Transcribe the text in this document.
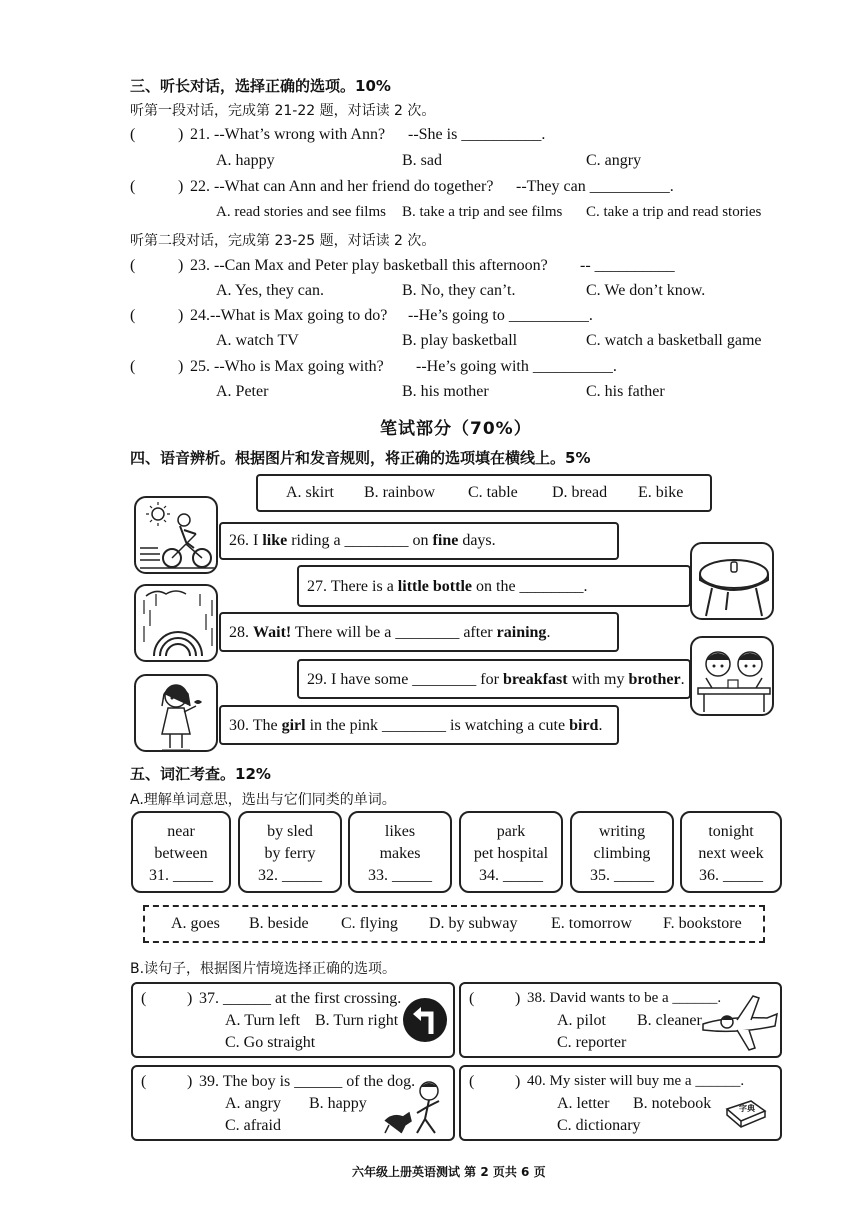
三、听长对话，选择正确的选项。10%
听第一段对话，完成第 21-22 题，对话读 2 次。
(	) 21. --What’s wrong with Ann? --She is __________.
A. happy	B. sad	C. angry
(	) 22. --What can Ann and her friend do together? --They can __________.
A. read stories and see films B. take a trip and see films C. take a trip and read stories
听第二段对话，完成第 23-25 题，对话读 2 次。
(	) 23. --Can Max and Peter play basketball this afternoon? -- __________
A. Yes, they can.	B. No, they can’t.	C. We don’t know.
(	) 24.--What is Max going to do? --He’s going to __________.
A. watch TV	B. play basketball	C. watch a basketball game
(	) 25. --Who is Max going with? --He’s going with __________.
A. Peter	B. his mother	C. his father
笔试部分（70%）
四、语音辨析。根据图片和发音规则，将正确的选项填在横线上。5%
A. skirt B. rainbow C. table D. bread E. bike
26. I like riding a ________ on fine days.
27. There is a little bottle on the ________.
28. Wait! There will be a ________ after raining.
29. I have some ________ for breakfast with my brother.
30. The girl in the pink ________ is watching a cute bird.
五、词汇考查。12%
A.理解单词意思，选出与它们同类的单词。
near
between
31. _____
by sled
by ferry
32. _____
likes
makes
33. _____
park
pet hospital
34. _____
writing
climbing
35. _____
tonight
next week
36. _____
A. goes B. beside C. flying D. by subway E. tomorrow F. bookstore
B.读句子，根据图片情境选择正确的选项。
(	) 37. ______ at the first crossing.
A. Turn left B. Turn right
C. Go straight
(	) 38. David wants to be a ______.
A. pilot B. cleaner
C. reporter
(	) 39. The boy is ______ of the dog.
A. angry B. happy
C. afraid
(	) 40. My sister will buy me a ______.
A. letter B. notebook
C. dictionary
字典
六年级上册英语测试 第 2 页共 6 页
